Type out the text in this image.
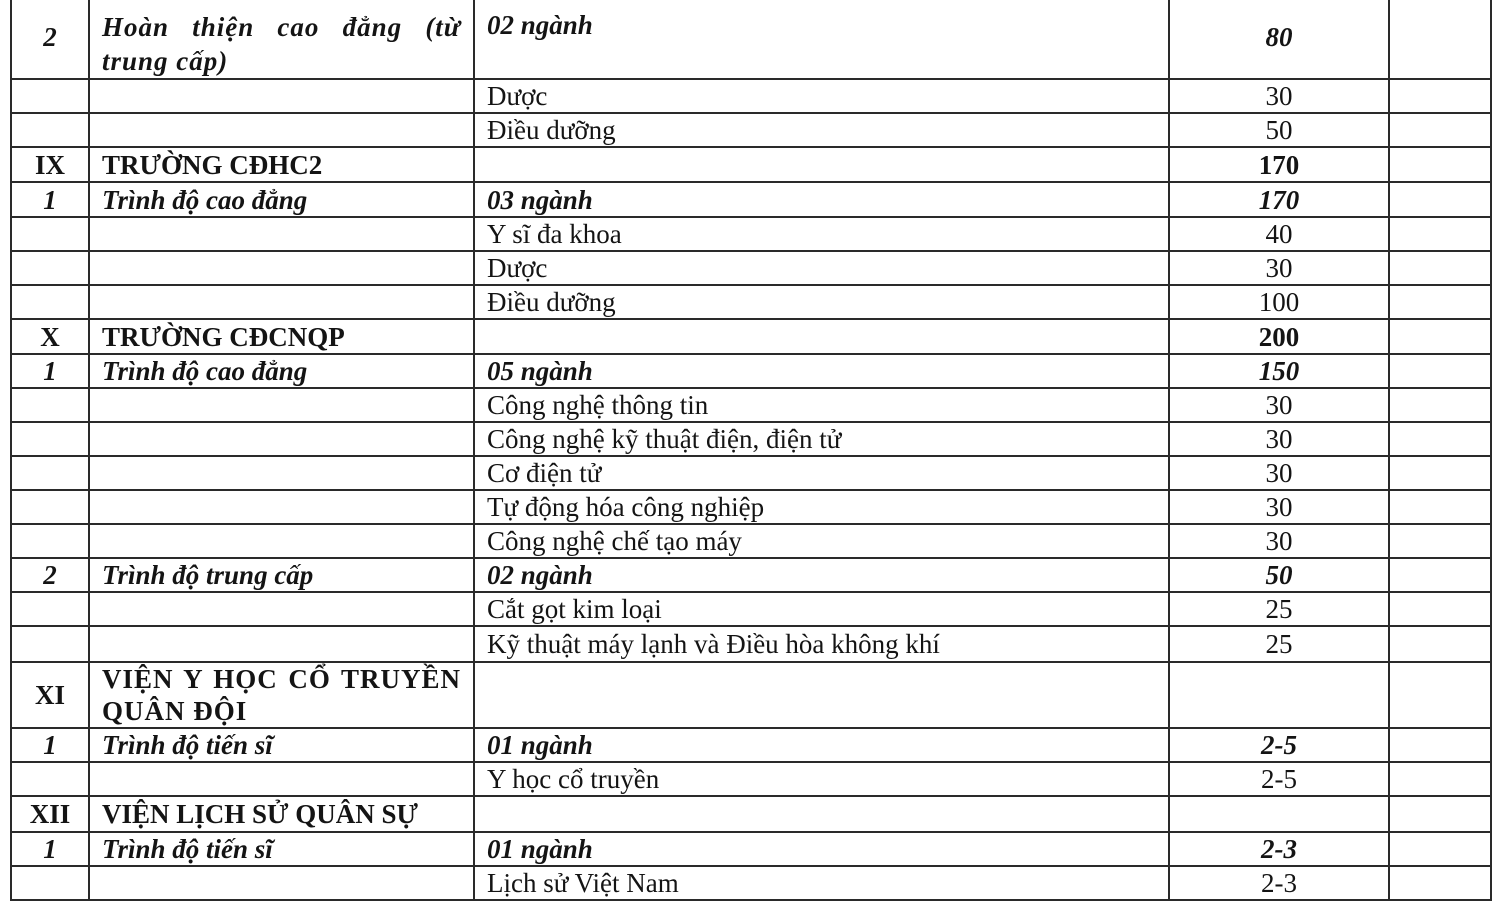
2	Hoàn thiện cao đẳng (từ trung cấp)	02 ngành	80	
		Dược	30	
		Điều dưỡng	50	
IX	TRƯỜNG CĐHC2		170	
1	Trình độ cao đẳng	03 ngành	170	
		Y sĩ đa khoa	40	
		Dược	30	
		Điều dưỡng	100	
X	TRƯỜNG CĐCNQP		200	
1	Trình độ cao đẳng	05 ngành	150	
		Công nghệ thông tin	30	
		Công nghệ kỹ thuật điện, điện tử	30	
		Cơ điện tử	30	
		Tự động hóa công nghiệp	30	
		Công nghệ chế tạo máy	30	
2	Trình độ trung cấp	02 ngành	50	
		Cắt gọt kim loại	25	
		Kỹ thuật máy lạnh và Điều hòa không khí	25	
XI	VIỆN Y HỌC CỔ TRUYỀN QUÂN ĐỘI			
1	Trình độ tiến sĩ	01 ngành	2-5	
		Y học cổ truyền	2-5	
XII	VIỆN LỊCH SỬ QUÂN SỰ			
1	Trình độ tiến sĩ	01 ngành	2-3	
		Lịch sử Việt Nam	2-3	
